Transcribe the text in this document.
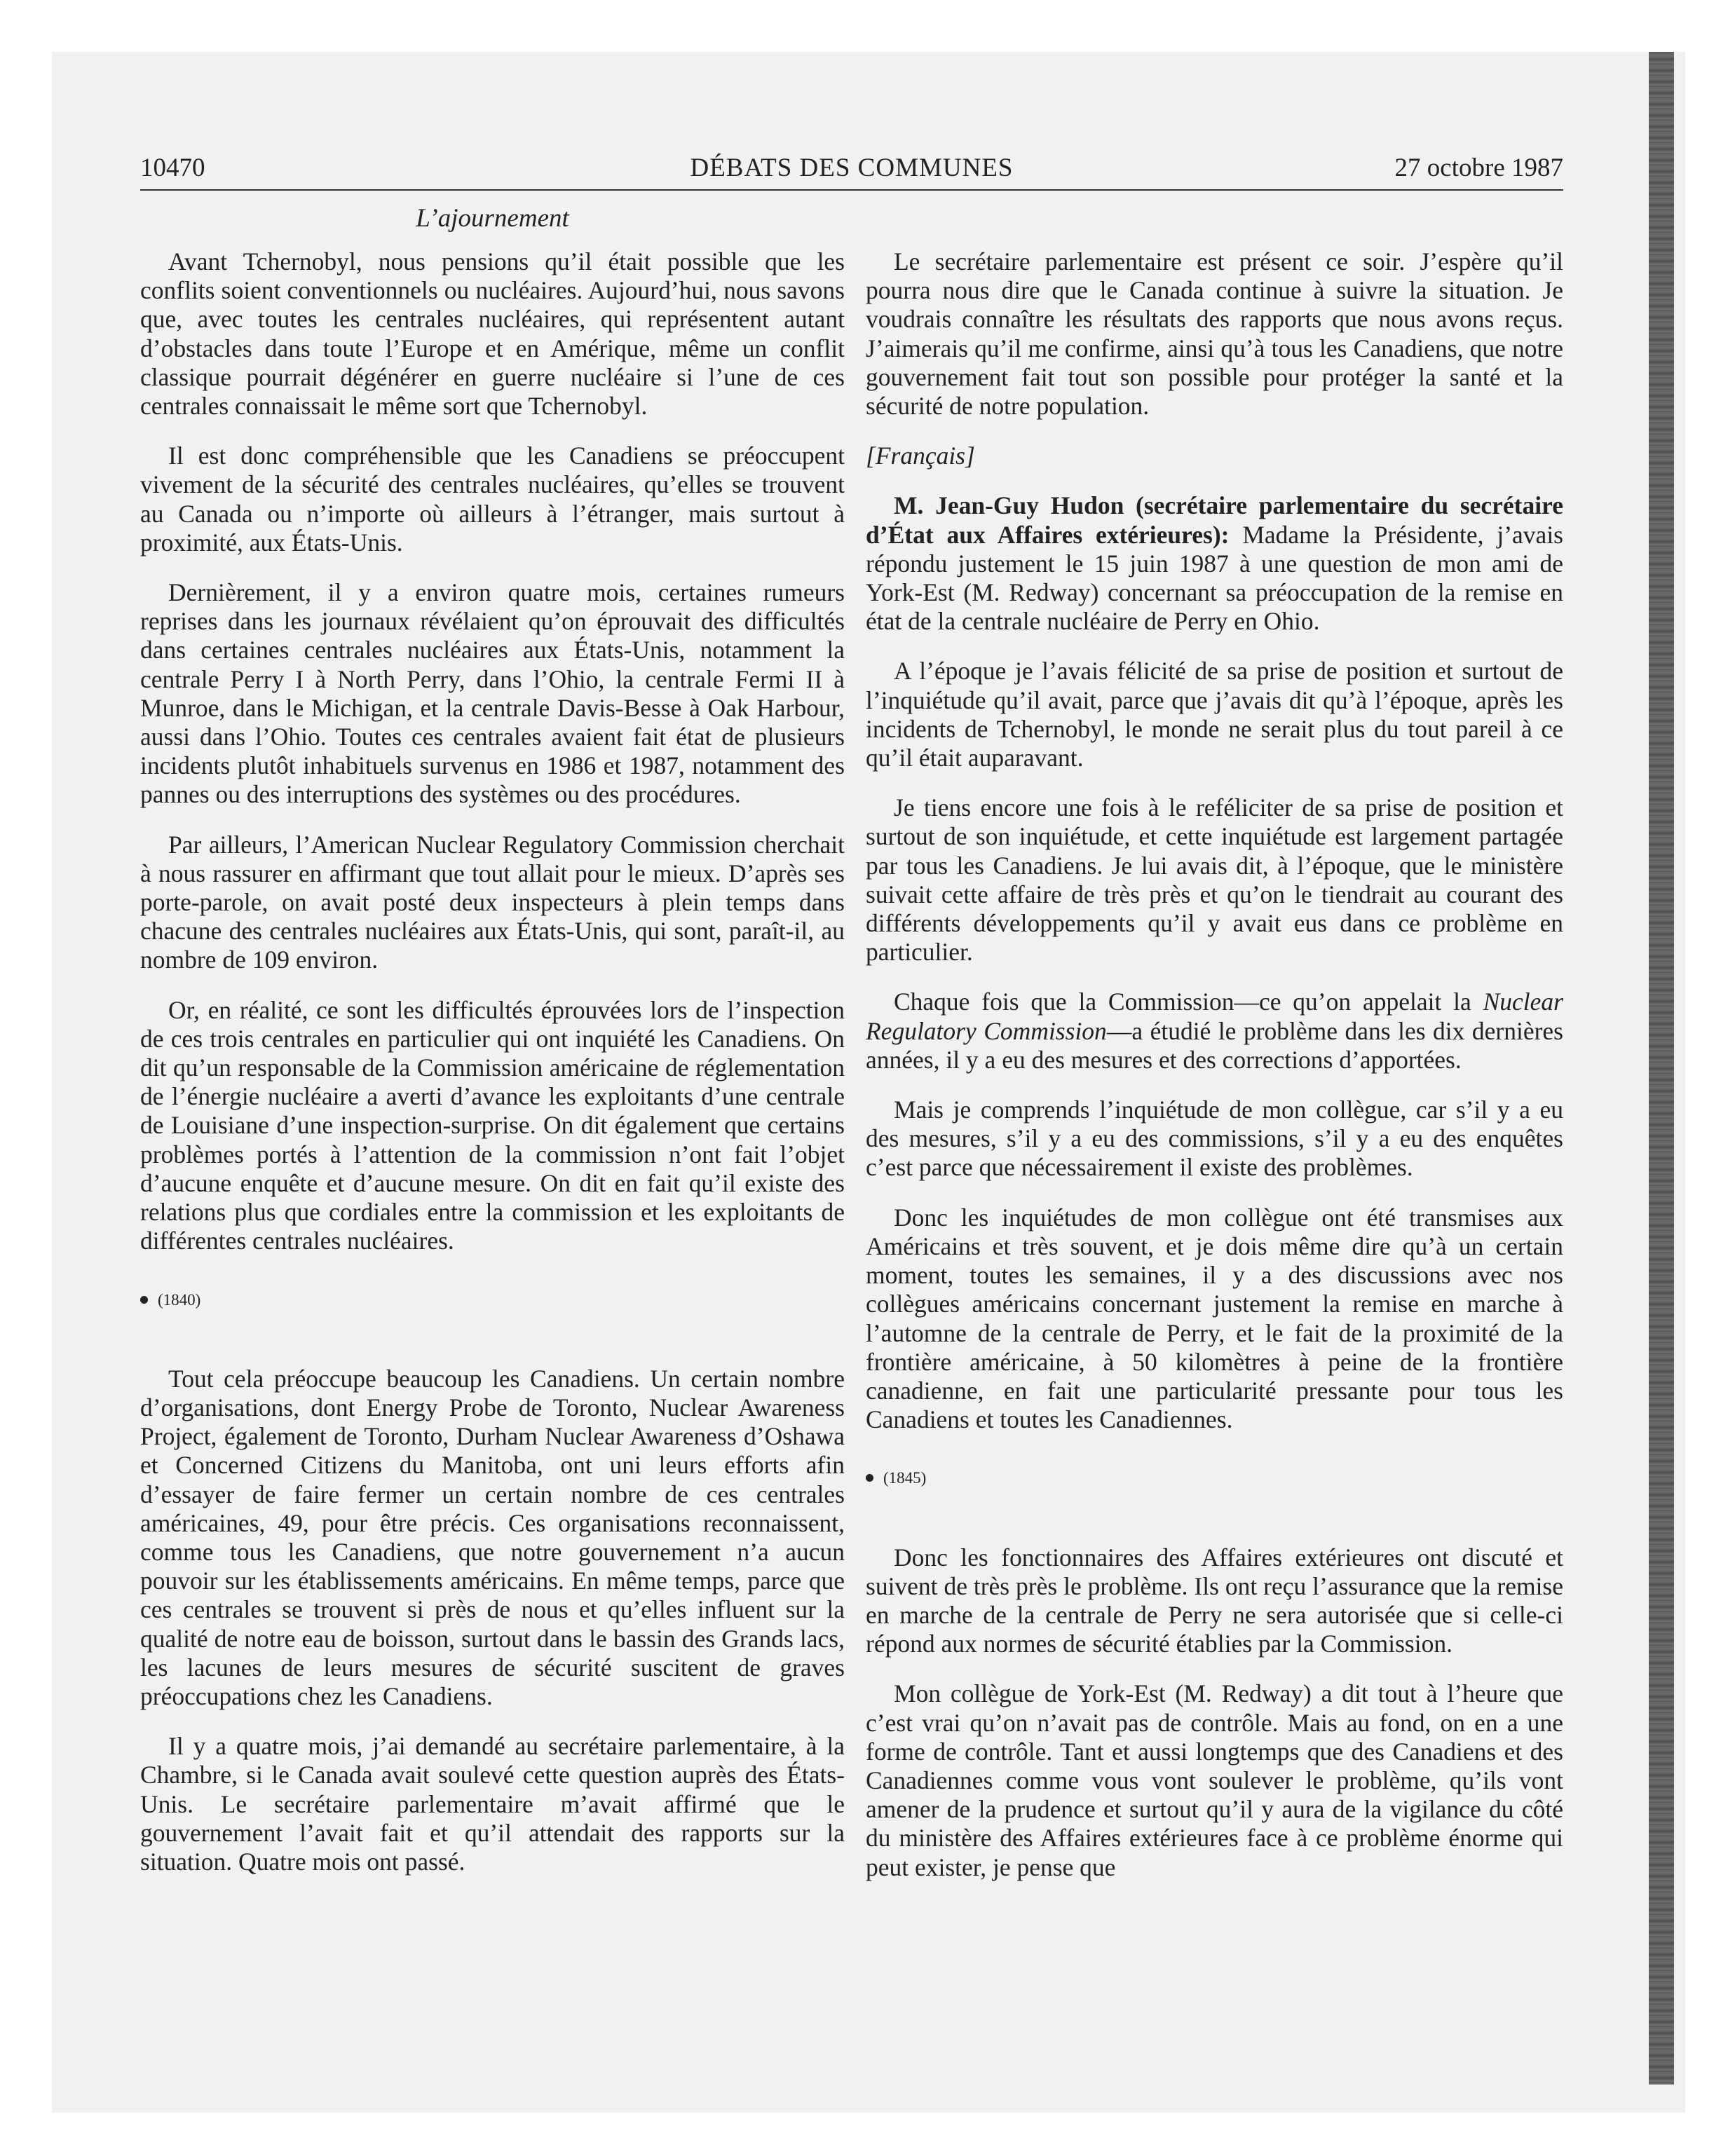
10470	DÉBATS DES COMMUNES	27 octobre 1987
L’ajournement

Avant Tchernobyl, nous pensions qu’il était possible que les conflits soient conventionnels ou nucléaires. Aujourd’hui, nous savons que, avec toutes les centrales nucléaires, qui représentent autant d’obstacles dans toute l’Europe et en Amérique, même un conflit classique pourrait dégénérer en guerre nucléaire si l’une de ces centrales connaissait le même sort que Tchernobyl.

Il est donc compréhensible que les Canadiens se préoccupent vivement de la sécurité des centrales nucléaires, qu’elles se trouvent au Canada ou n’importe où ailleurs à l’étranger, mais surtout à proximité, aux États-Unis.

Dernièrement, il y a environ quatre mois, certaines rumeurs reprises dans les journaux révélaient qu’on éprouvait des difficultés dans certaines centrales nucléaires aux États-Unis, notamment la centrale Perry I à North Perry, dans l’Ohio, la centrale Fermi II à Munroe, dans le Michigan, et la centrale Davis-Besse à Oak Harbour, aussi dans l’Ohio. Toutes ces centrales avaient fait état de plusieurs incidents plutôt inhabituels survenus en 1986 et 1987, notamment des pannes ou des interruptions des systèmes ou des procédures.

Par ailleurs, l’American Nuclear Regulatory Commission cherchait à nous rassurer en affirmant que tout allait pour le mieux. D’après ses porte-parole, on avait posté deux inspecteurs à plein temps dans chacune des centrales nucléaires aux États-Unis, qui sont, paraît-il, au nombre de 109 environ.

Or, en réalité, ce sont les difficultés éprouvées lors de l’inspection de ces trois centrales en particulier qui ont inquiété les Canadiens. On dit qu’un responsable de la Commission américaine de réglementation de l’énergie nucléaire a averti d’avance les exploitants d’une centrale de Louisiane d’une inspection-surprise. On dit également que certains problèmes portés à l’attention de la commission n’ont fait l’objet d’aucune enquête et d’aucune mesure. On dit en fait qu’il existe des relations plus que cordiales entre la commission et les exploitants de différentes centrales nucléaires.

(1840)

Tout cela préoccupe beaucoup les Canadiens. Un certain nombre d’organisations, dont Energy Probe de Toronto, Nuclear Awareness Project, également de Toronto, Durham Nuclear Awareness d’Oshawa et Concerned Citizens du Manitoba, ont uni leurs efforts afin d’essayer de faire fermer un certain nombre de ces centrales américaines, 49, pour être précis. Ces organisations reconnaissent, comme tous les Canadiens, que notre gouvernement n’a aucun pouvoir sur les établissements américains. En même temps, parce que ces centrales se trouvent si près de nous et qu’elles influent sur la qualité de notre eau de boisson, surtout dans le bassin des Grands lacs, les lacunes de leurs mesures de sécurité suscitent de graves préoccupations chez les Canadiens.

Il y a quatre mois, j’ai demandé au secrétaire parlementaire, à la Chambre, si le Canada avait soulevé cette question auprès des États-Unis. Le secrétaire parlementaire m’avait affirmé que le gouvernement l’avait fait et qu’il attendait des rapports sur la situation. Quatre mois ont passé.

Le secrétaire parlementaire est présent ce soir. J’espère qu’il pourra nous dire que le Canada continue à suivre la situation. Je voudrais connaître les résultats des rapports que nous avons reçus. J’aimerais qu’il me confirme, ainsi qu’à tous les Canadiens, que notre gouvernement fait tout son possible pour protéger la santé et la sécurité de notre population.

[Français]

M. Jean-Guy Hudon (secrétaire parlementaire du secrétaire d’État aux Affaires extérieures): Madame la Présidente, j’avais répondu justement le 15 juin 1987 à une question de mon ami de York-Est (M. Redway) concernant sa préoccupation de la remise en état de la centrale nucléaire de Perry en Ohio.

A l’époque je l’avais félicité de sa prise de position et surtout de l’inquiétude qu’il avait, parce que j’avais dit qu’à l’époque, après les incidents de Tchernobyl, le monde ne serait plus du tout pareil à ce qu’il était auparavant.

Je tiens encore une fois à le reféliciter de sa prise de position et surtout de son inquiétude, et cette inquiétude est largement partagée par tous les Canadiens. Je lui avais dit, à l’époque, que le ministère suivait cette affaire de très près et qu’on le tiendrait au courant des différents développements qu’il y avait eus dans ce problème en particulier.

Chaque fois que la Commission—ce qu’on appelait la Nuclear Regulatory Commission—a étudié le problème dans les dix dernières années, il y a eu des mesures et des corrections d’apportées.

Mais je comprends l’inquiétude de mon collègue, car s’il y a eu des mesures, s’il y a eu des commissions, s’il y a eu des enquêtes c’est parce que nécessairement il existe des problèmes.

Donc les inquiétudes de mon collègue ont été transmises aux Américains et très souvent, et je dois même dire qu’à un certain moment, toutes les semaines, il y a des discussions avec nos collègues américains concernant justement la remise en marche à l’automne de la centrale de Perry, et le fait de la proximité de la frontière américaine, à 50 kilomètres à peine de la frontière canadienne, en fait une particularité pressante pour tous les Canadiens et toutes les Canadiennes.

(1845)

Donc les fonctionnaires des Affaires extérieures ont discuté et suivent de très près le problème. Ils ont reçu l’assurance que la remise en marche de la centrale de Perry ne sera autorisée que si celle-ci répond aux normes de sécurité établies par la Commission.

Mon collègue de York-Est (M. Redway) a dit tout à l’heure que c’est vrai qu’on n’avait pas de contrôle. Mais au fond, on en a une forme de contrôle. Tant et aussi longtemps que des Canadiens et des Canadiennes comme vous vont soulever le problème, qu’ils vont amener de la prudence et surtout qu’il y aura de la vigilance du côté du ministère des Affaires extérieures face à ce problème énorme qui peut exister, je pense que
